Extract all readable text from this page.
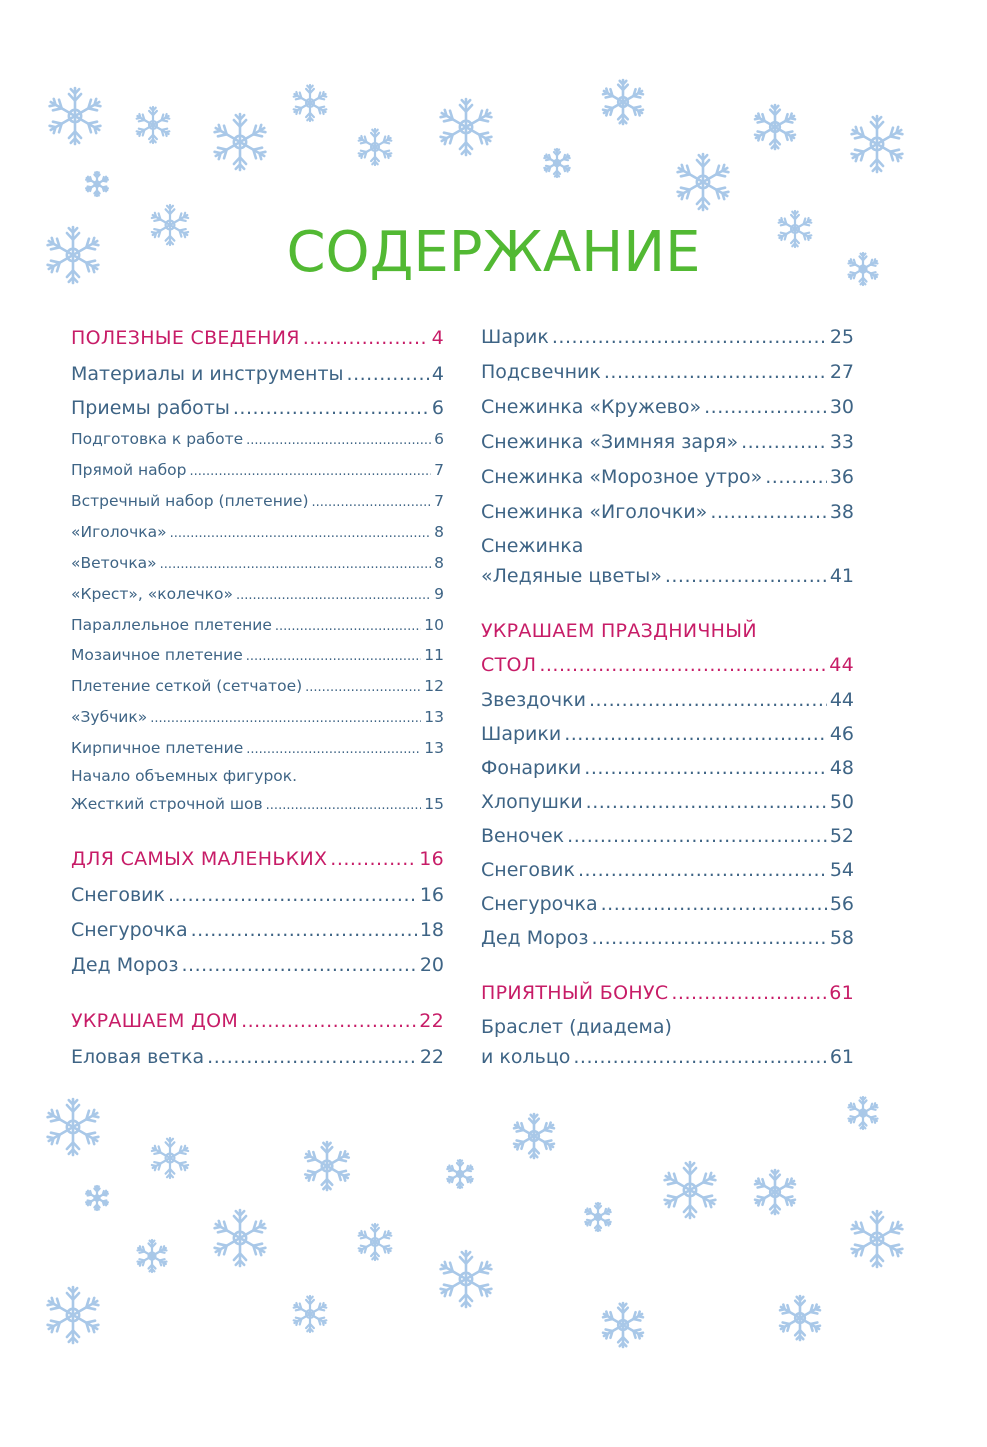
СОДЕРЖАНИЕ
ПОЛЕЗНЫЕ СВЕДЕНИЯ .....	4
Материалы и инструменты .....	4
Приемы работы .....	6
Подготовка к работе .....	6
Прямой набор .....	7
Встречный набор (плетение) .....	7
«Иголочка» .....	8
«Веточка» .....	8
«Крест», «колечко» .....	9
Параллельное плетение .....	10
Мозаичное плетение .....	11
Плетение сеткой (сетчатое) .....	12
«Зубчик» .....	13
Кирпичное плетение .....	13
Начало объемных фигурок.
Жесткий строчной шов .....	15
ДЛЯ САМЫХ МАЛЕНЬКИХ .....	16
Снеговик .....	16
Снегурочка .....	18
Дед Мороз .....	20
УКРАШАЕМ ДОМ .....	22
Еловая ветка .....	22
Шарик .....	25
Подсвечник .....	27
Снежинка «Кружево» .....	30
Снежинка «Зимняя заря» .....	33
Снежинка «Морозное утро» .....	36
Снежинка «Иголочки» .....	38
Снежинка
«Ледяные цветы» .....	41
УКРАШАЕМ ПРАЗДНИЧНЫЙ
СТОЛ .....	44
Звездочки .....	44
Шарики .....	46
Фонарики .....	48
Хлопушки .....	50
Веночек .....	52
Снеговик .....	54
Снегурочка .....	56
Дед Мороз .....	58
ПРИЯТНЫЙ БОНУС .....	61
Браслет (диадема)
и кольцо .....	61
